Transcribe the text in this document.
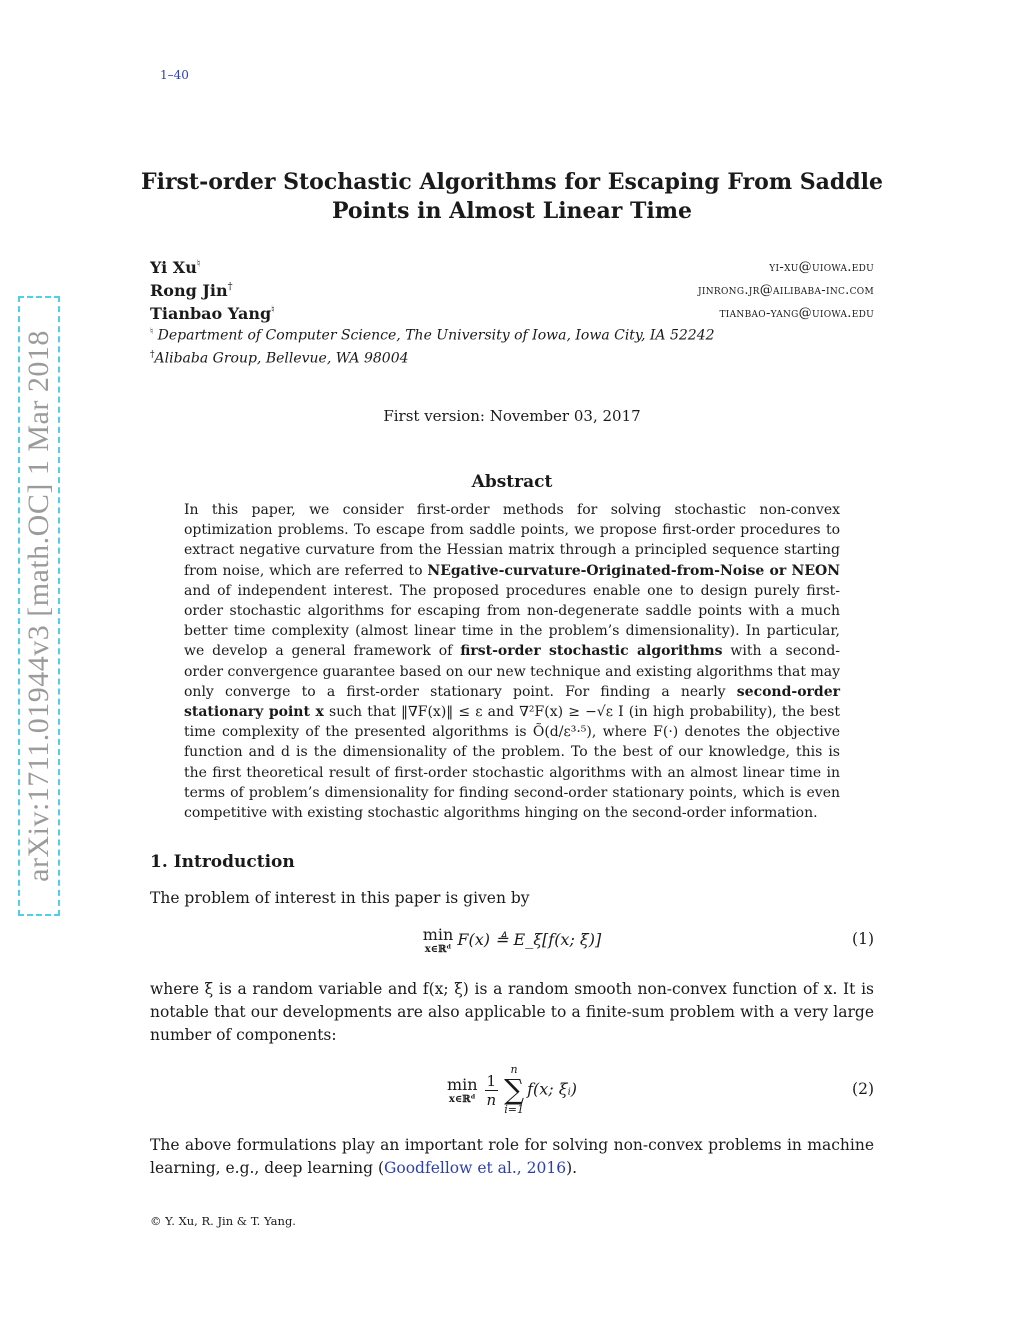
1–40
arXiv:1711.01944v3 [math.OC] 1 Mar 2018
First-order Stochastic Algorithms for Escaping From Saddle Points in Almost Linear Time
Yi Xu♮	yi-xu@uiowa.edu
Rong Jin†	jinrong.jr@ailibaba-inc.com
Tianbao Yang♮	tianbao-yang@uiowa.edu
♮ Department of Computer Science, The University of Iowa, Iowa City, IA 52242
†Alibaba Group, Bellevue, WA 98004
First version: November 03, 2017
Abstract
In this paper, we consider first-order methods for solving stochastic non-convex optimization problems. To escape from saddle points, we propose first-order procedures to extract negative curvature from the Hessian matrix through a principled sequence starting from noise, which are referred to NEgative-curvature-Originated-from-Noise or NEON and of independent interest. The proposed procedures enable one to design purely first-order stochastic algorithms for escaping from non-degenerate saddle points with a much better time complexity (almost linear time in the problem’s dimensionality). In particular, we develop a general framework of first-order stochastic algorithms with a second-order convergence guarantee based on our new technique and existing algorithms that may only converge to a first-order stationary point. For finding a nearly second-order stationary point x such that ‖∇F(x)‖ ≤ ε and ∇²F(x) ≥ −√ε I (in high probability), the best time complexity of the presented algorithms is Õ(d/ε³·⁵), where F(·) denotes the objective function and d is the dimensionality of the problem. To the best of our knowledge, this is the first theoretical result of first-order stochastic algorithms with an almost linear time in terms of problem’s dimensionality for finding second-order stationary points, which is even competitive with existing stochastic algorithms hinging on the second-order information.
1. Introduction
The problem of interest in this paper is given by
min
x∈ℝᵈ
F(x) ≜ E_ξ[f(x; ξ)]	(1)
where ξ is a random variable and f(x; ξ) is a random smooth non-convex function of x. It is notable that our developments are also applicable to a finite-sum problem with a very large number of components:
min
x∈ℝᵈ $\frac{1}{n}$
n
∑
i=1
f(x; ξᵢ)	(2)
The above formulations play an important role for solving non-convex problems in machine learning, e.g., deep learning (Goodfellow et al., 2016).
© Y. Xu, R. Jin & T. Yang.
